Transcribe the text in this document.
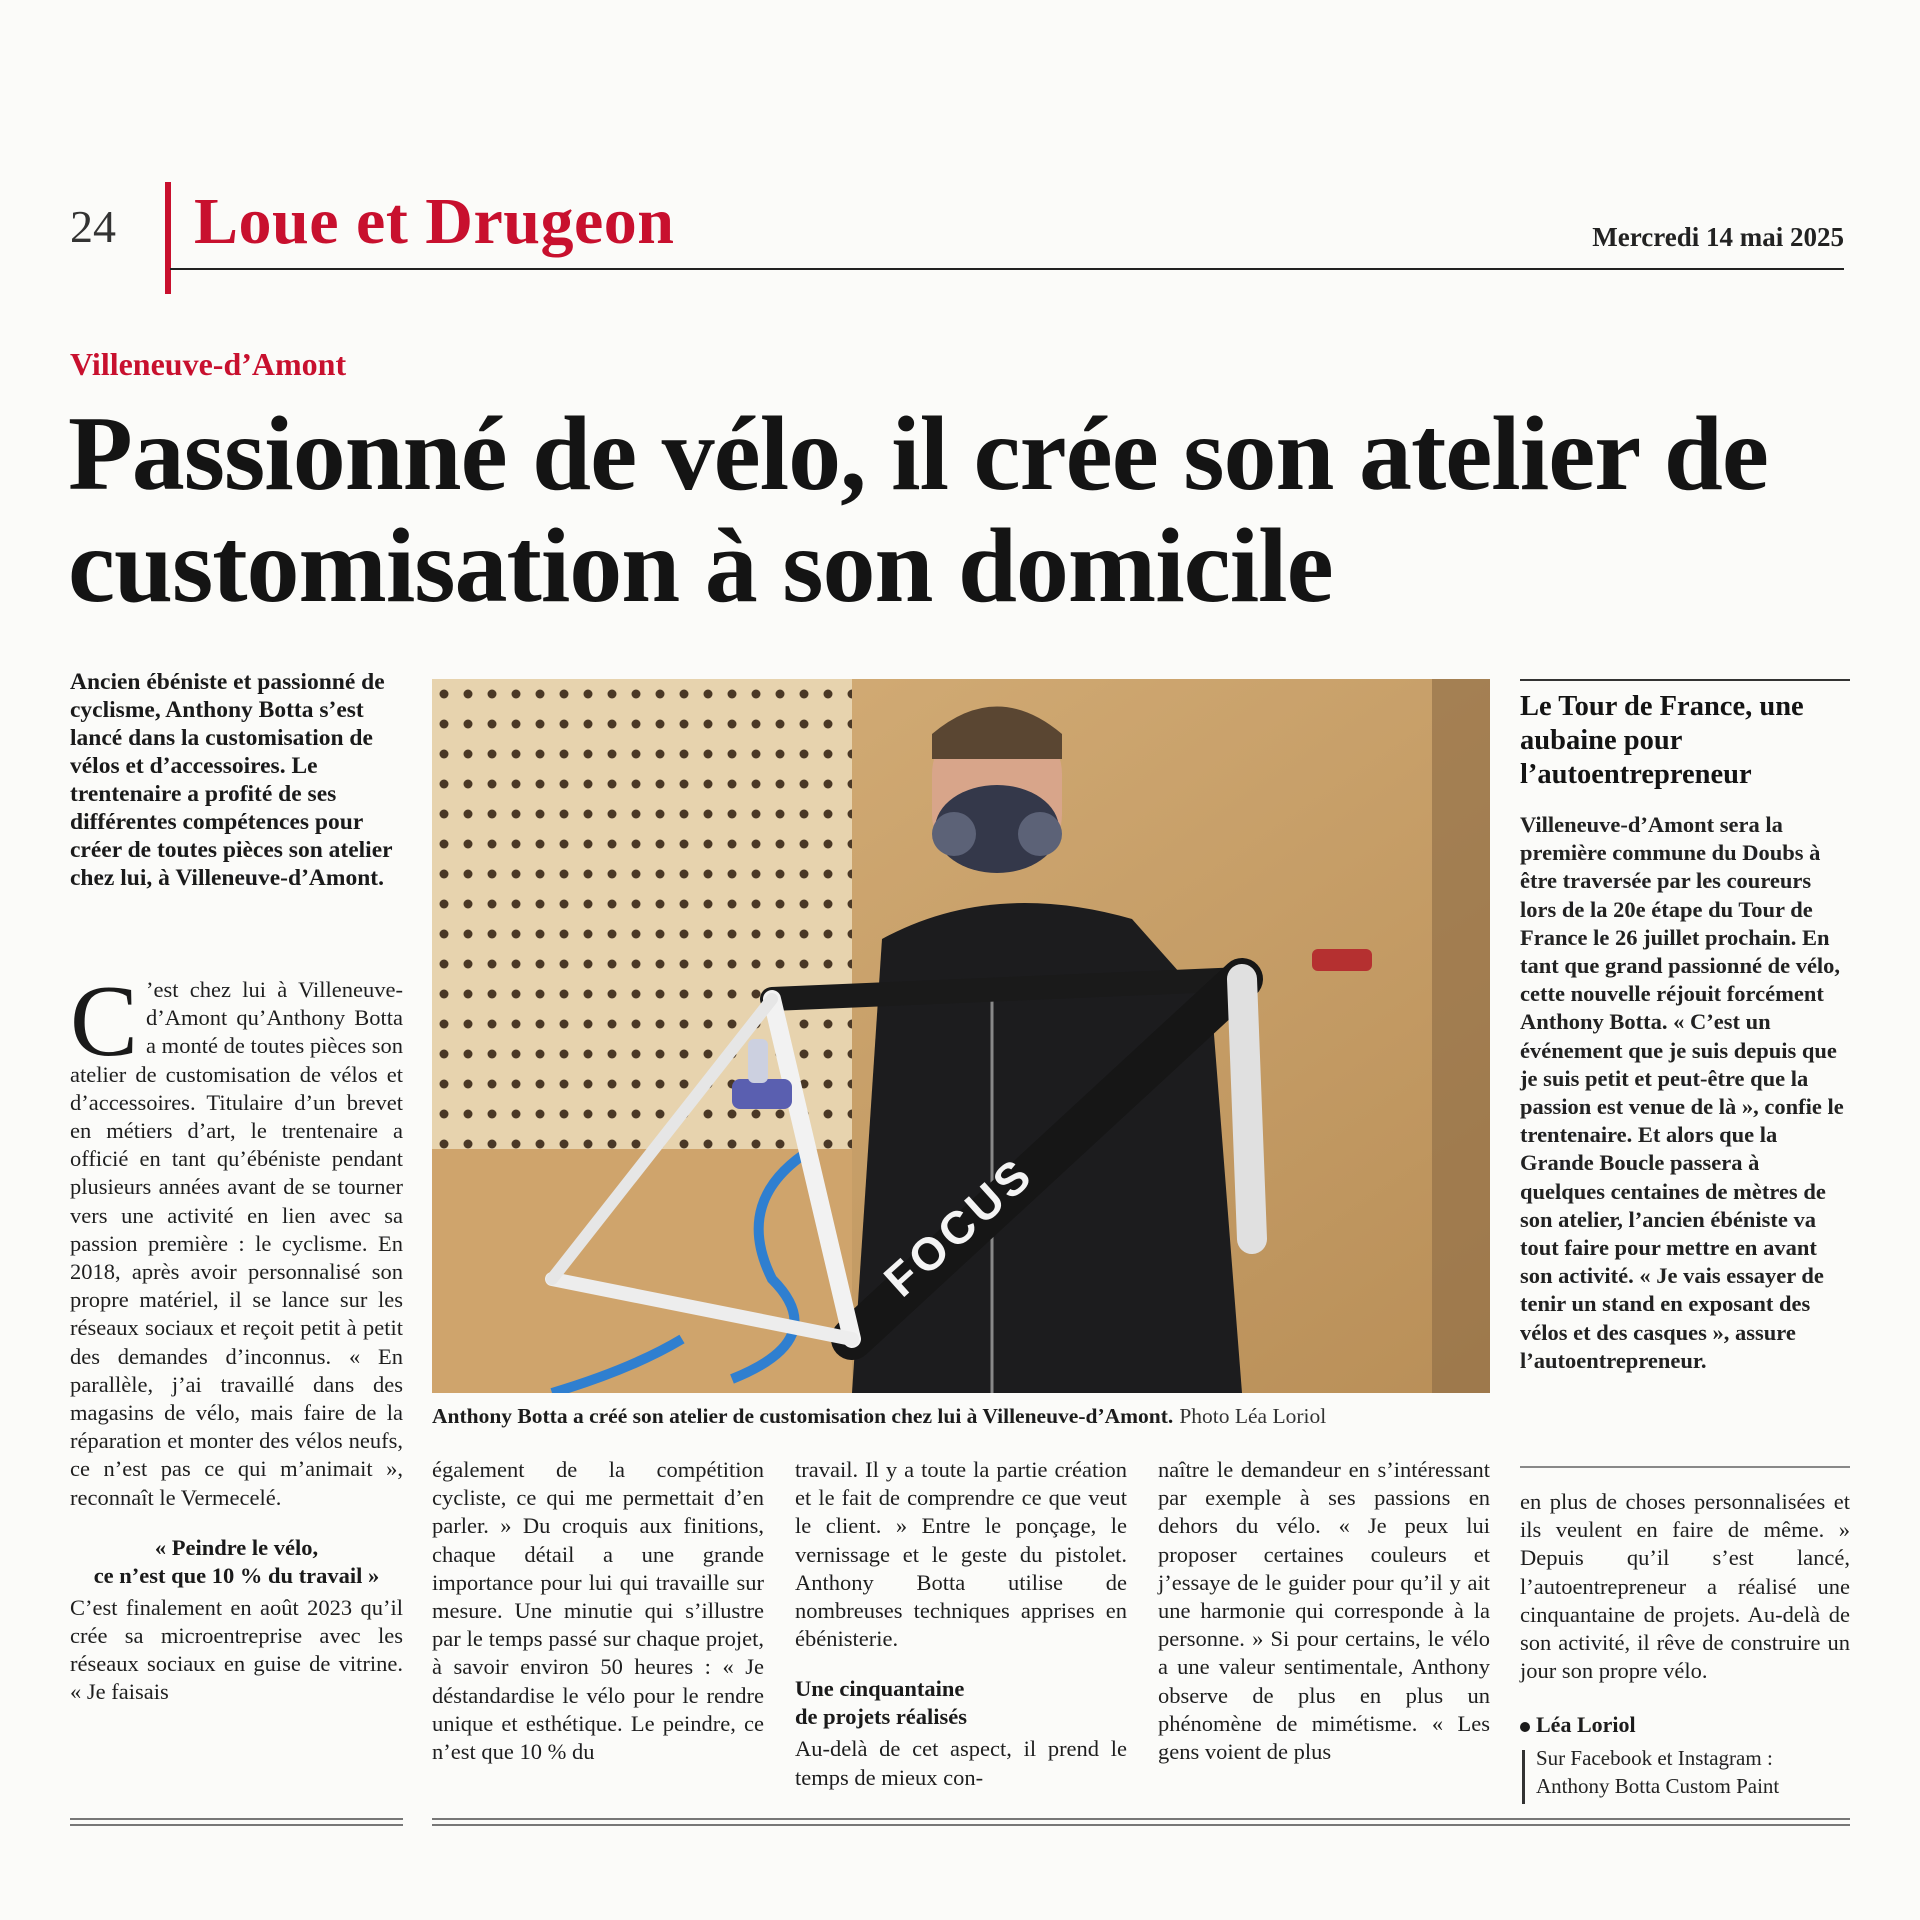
24 Loue et Drugeon	Mercredi 14 mai 2025
Villeneuve-d’Amont
Passionné de vélo, il crée son atelier de customisation à son domicile

Ancien ébéniste et passionné de cyclisme, Anthony Botta s’est lancé dans la customisation de vélos et d’accessoires. Le trentenaire a profité de ses différentes compétences pour créer de toutes pièces son atelier chez lui, à Villeneuve-d’Amont.

C ’est chez lui à Villeneuve-d’Amont qu’Anthony Botta a monté de toutes pièces son atelier de customisation de vélos et d’accessoires. Titulaire d’un brevet en métiers d’art, le trentenaire a officié en tant qu’ébéniste pendant plusieurs années avant de se tourner vers une activité en lien avec sa passion première : le cyclisme. En 2018, après avoir personnalisé son propre matériel, il se lance sur les réseaux sociaux et reçoit petit à petit des demandes d’inconnus. « En parallèle, j’ai travaillé dans des magasins de vélo, mais faire de la réparation et monter des vélos neufs, ce n’est pas ce qui m’animait », reconnaît le Vermecelé.
« Peindre le vélo,
ce n’est que 10 % du travail »
C’est finalement en août 2023 qu’il crée sa microentreprise avec les réseaux sociaux en guise de vitrine. « Je faisais
FOCUS
Anthony Botta a créé son atelier de customisation chez lui à Villeneuve-d’Amont. Photo Léa Loriol

également de la compétition cycliste, ce qui me permettait d’en parler. » Du croquis aux finitions, chaque détail a une grande importance pour lui qui travaille sur mesure. Une minutie qui s’illustre par le temps passé sur chaque projet, à savoir environ 50 heures : « Je déstandardise le vélo pour le rendre unique et esthétique. Le peindre, ce n’est que 10 % du

travail. Il y a toute la partie création et le fait de comprendre ce que veut le client. » Entre le ponçage, le vernissage et le geste du pistolet. Anthony Botta utilise de nombreuses techniques apprises en ébénisterie.
Une cinquantaine
de projets réalisés
Au-delà de cet aspect, il prend le temps de mieux con-

naître le demandeur en s’intéressant par exemple à ses passions en dehors du vélo. « Je peux lui proposer certaines couleurs et j’essaye de le guider pour qu’il y ait une harmonie qui corresponde à la personne. » Si pour certains, le vélo a une valeur sentimentale, Anthony observe de plus en plus un phénomène de mimétisme. « Les gens voient de plus

Le Tour de France, une aubaine pour l’autoentrepreneur

Villeneuve-d’Amont sera la première commune du Doubs à être traversée par les coureurs lors de la 20e étape du Tour de France le 26 juillet prochain. En tant que grand passionné de vélo, cette nouvelle réjouit forcément Anthony Botta. « C’est un événement que je suis depuis que je suis petit et peut-être que la passion est venue de là », confie le trentenaire. Et alors que la Grande Boucle passera à quelques centaines de mètres de son atelier, l’ancien ébéniste va tout faire pour mettre en avant son activité. « Je vais essayer de tenir un stand en exposant des vélos et des casques », assure l’autoentrepreneur.

en plus de choses personnalisées et ils veulent en faire de même. » Depuis qu’il s’est lancé, l’autoentrepreneur a réalisé une cinquantaine de projets. Au-delà de son activité, il rêve de construire un jour son propre vélo.

Léa Loriol
Sur Facebook et Instagram :
Anthony Botta Custom Paint
